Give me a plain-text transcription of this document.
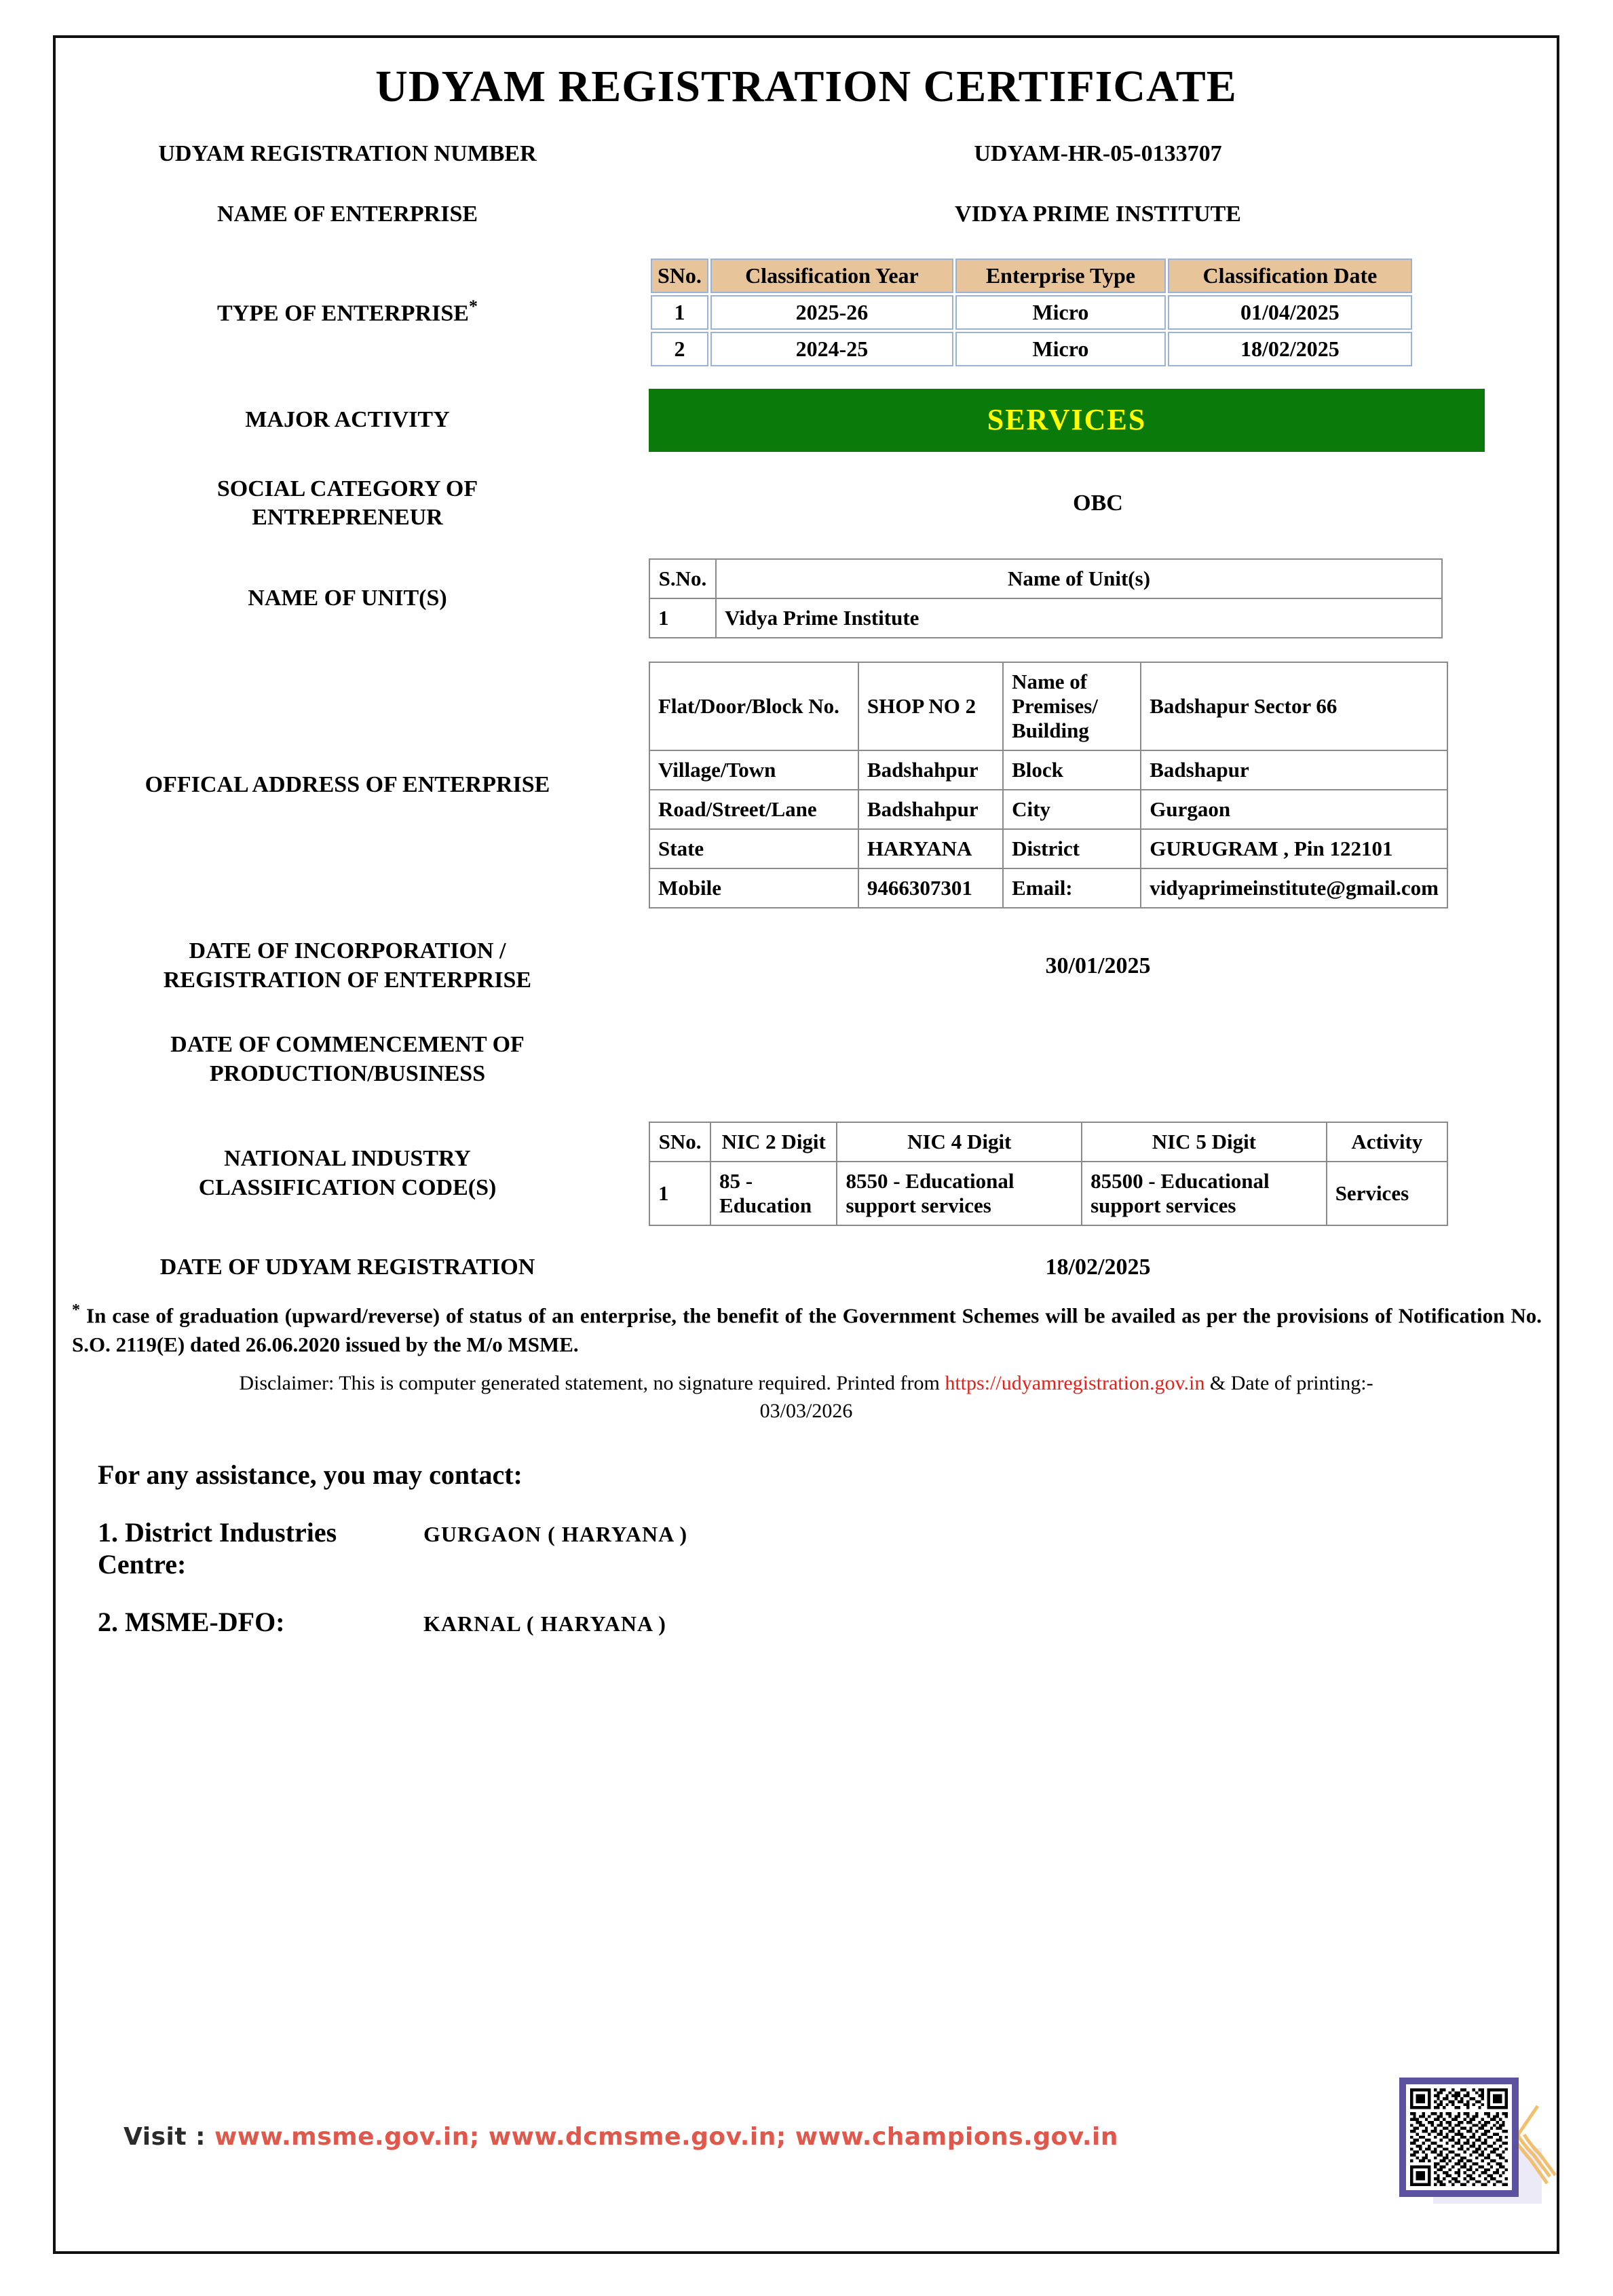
UDYAM REGISTRATION CERTIFICATE
UDYAM REGISTRATION NUMBER	UDYAM-HR-05-0133707
NAME OF ENTERPRISE	VIDYA PRIME INSTITUTE
TYPE OF ENTERPRISE*
SNo.	Classification Year	Enterprise Type	Classification Date
1	2025-26	Micro	01/04/2025
2	2024-25	Micro	18/02/2025
MAJOR ACTIVITY	SERVICES
SOCIAL CATEGORY OF
ENTREPRENEUR
OBC
NAME OF UNIT(S)
S.No.	Name of Unit(s)
1	Vidya Prime Institute
OFFICAL ADDRESS OF ENTERPRISE
Flat/Door/Block No.	SHOP NO 2	Name of Premises/ Building	Badshapur Sector 66
Village/Town	Badshahpur	Block	Badshapur
Road/Street/Lane	Badshahpur	City	Gurgaon
State	HARYANA	District	GURUGRAM , Pin 122101
Mobile	9466307301	Email:	vidyaprimeinstitute@gmail.com
DATE OF INCORPORATION /
REGISTRATION OF ENTERPRISE
30/01/2025
DATE OF COMMENCEMENT OF
PRODUCTION/BUSINESS
NATIONAL INDUSTRY
CLASSIFICATION CODE(S)
SNo.	NIC 2 Digit	NIC 4 Digit	NIC 5 Digit	Activity
1	85 - Education	8550 - Educational support services	85500 - Educational support services	Services
DATE OF UDYAM REGISTRATION	18/02/2025
* In case of graduation (upward/reverse) of status of an enterprise, the benefit of the Government Schemes will be availed as per the provisions of Notification No. S.O. 2119(E) dated 26.06.2020 issued by the M/o MSME.
Disclaimer: This is computer generated statement, no signature required. Printed from https://udyamregistration.gov.in & Date of printing:-
03/03/2026
For any assistance, you may contact:
1. District Industries Centre:
GURGAON ( HARYANA )
2. MSME-DFO:	KARNAL ( HARYANA )
Visit : www.msme.gov.in; www.dcmsme.gov.in; www.champions.gov.in
